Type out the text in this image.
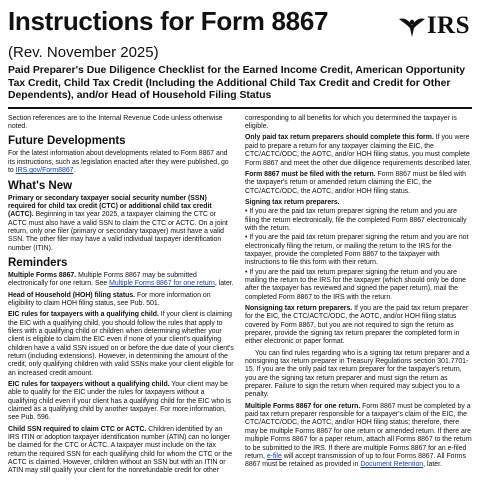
Instructions for Form 8867	IRS
(Rev. November 2025)
Paid Preparer's Due Diligence Checklist for the Earned Income Credit, American Opportunity Tax Credit, Child Tax Credit (Including the Additional Child Tax Credit and Credit for Other Dependents), and/or Head of Household Filing Status

Section references are to the Internal Revenue Code unless otherwise noted.

Future Developments

For the latest information about developments related to Form 8867 and its instructions, such as legislation enacted after they were published, go to IRS.gov/Form8867.

What's New

Primary or secondary taxpayer social security number (SSN) required for child tax credit (CTC) or additional child tax credit (ACTC). Beginning in tax year 2025, a taxpayer claiming the CTC or ACTC must also have a valid SSN to claim the CTC or ACTC. On a joint return, only one filer (primary or secondary taxpayer) must have a valid SSN. The other filer may have a valid individual taxpayer identification number (ITIN).

Reminders

Multiple Forms 8867. Multiple Forms 8867 may be submitted electronically for one return. See Multiple Forms 8867 for one return, later.

Head of Household (HOH) filing status. For more information on eligibility to claim HOH filing status, see Pub. 501.

EIC rules for taxpayers with a qualifying child. If your client is claiming the EIC with a qualifying child, you should follow the rules that apply to filers with a qualifying child or children when determining whether your client is eligible to claim the EIC even if none of your client's qualifying children have a valid SSN issued on or before the due date of your client's return (including extensions). However, in determining the amount of the credit, only qualifying children with valid SSNs make your client eligible for an increased credit amount.

EIC rules for taxpayers without a qualifying child. Your client may be able to qualify for the EIC under the rules for taxpayers without a qualifying child even if your client has a qualifying child for the EIC who is claimed as a qualifying child by another taxpayer. For more information, see Pub. 596.

Child SSN required to claim CTC or ACTC. Children identified by an IRS ITIN or adoption taxpayer identification number (ATIN) can no longer be claimed for the CTC or ACTC. A taxpayer must include on the tax return the required SSN for each qualifying child for whom the CTC or the ACTC is claimed. However, children without an SSN but with an ITIN or ATIN may still qualify your client for the nonrefundable credit for other

corresponding to all benefits for which you determined the taxpayer is eligible.

Only paid tax return preparers should complete this form. If you were paid to prepare a return for any taxpayer claiming the EIC, the CTC/ACTC/ODC, the AOTC, and/or HOH filing status, you must complete Form 8867 and meet the other due diligence requirements described later.

Form 8867 must be filed with the return. Form 8867 must be filed with the taxpayer's return or amended return claiming the EIC, the CTC/ACTC/ODC, the AOTC, and/or HOH filing status.

Signing tax return preparers.

• If you are the paid tax return preparer signing the return and you are filing the return electronically, file the completed Form 8867 electronically with the return.

• If you are the paid tax return preparer signing the return and you are not electronically filing the return, or mailing the return to the IRS for the taxpayer, provide the completed Form 8867 to the taxpayer with instructions to file this form with their return.

• If you are the paid tax return preparer signing the return and you are mailing the return to the IRS for the taxpayer (which should only be done after the taxpayer has reviewed and signed the paper return), mail the completed Form 8867 to the IRS with the return.

Nonsigning tax return preparers. If you are the paid tax return preparer for the EIC, the CTC/ACTC/ODC, the AOTC, and/or HOH filing status covered by Form 8867, but you are not required to sign the return as preparer, provide the signing tax return preparer the completed form in either electronic or paper format.

You can find rules regarding who is a signing tax return preparer and a nonsigning tax return preparer in Treasury Regulations section 301.7701-15. If you are the only paid tax return preparer for the taxpayer's return, you are the signing tax return preparer and must sign the return as preparer. Failure to sign the return when required may subject you to a penalty.

Multiple Forms 8867 for one return. Form 8867 must be completed by a paid tax return preparer responsible for a taxpayer's claim of the EIC, the CTC/ACTC/ODC, the AOTC, and/or HOH filing status; therefore, there may be multiple Forms 8867 for one return or amended return. If there are multiple Forms 8867 for a paper return, attach all Forms 8867 to the return to be submitted to the IRS. If there are multiple Forms 8867 for an e-filed return, e-file will accept transmission of up to four Forms 8867. All Forms 8867 must be retained as provided in Document Retention, later.
